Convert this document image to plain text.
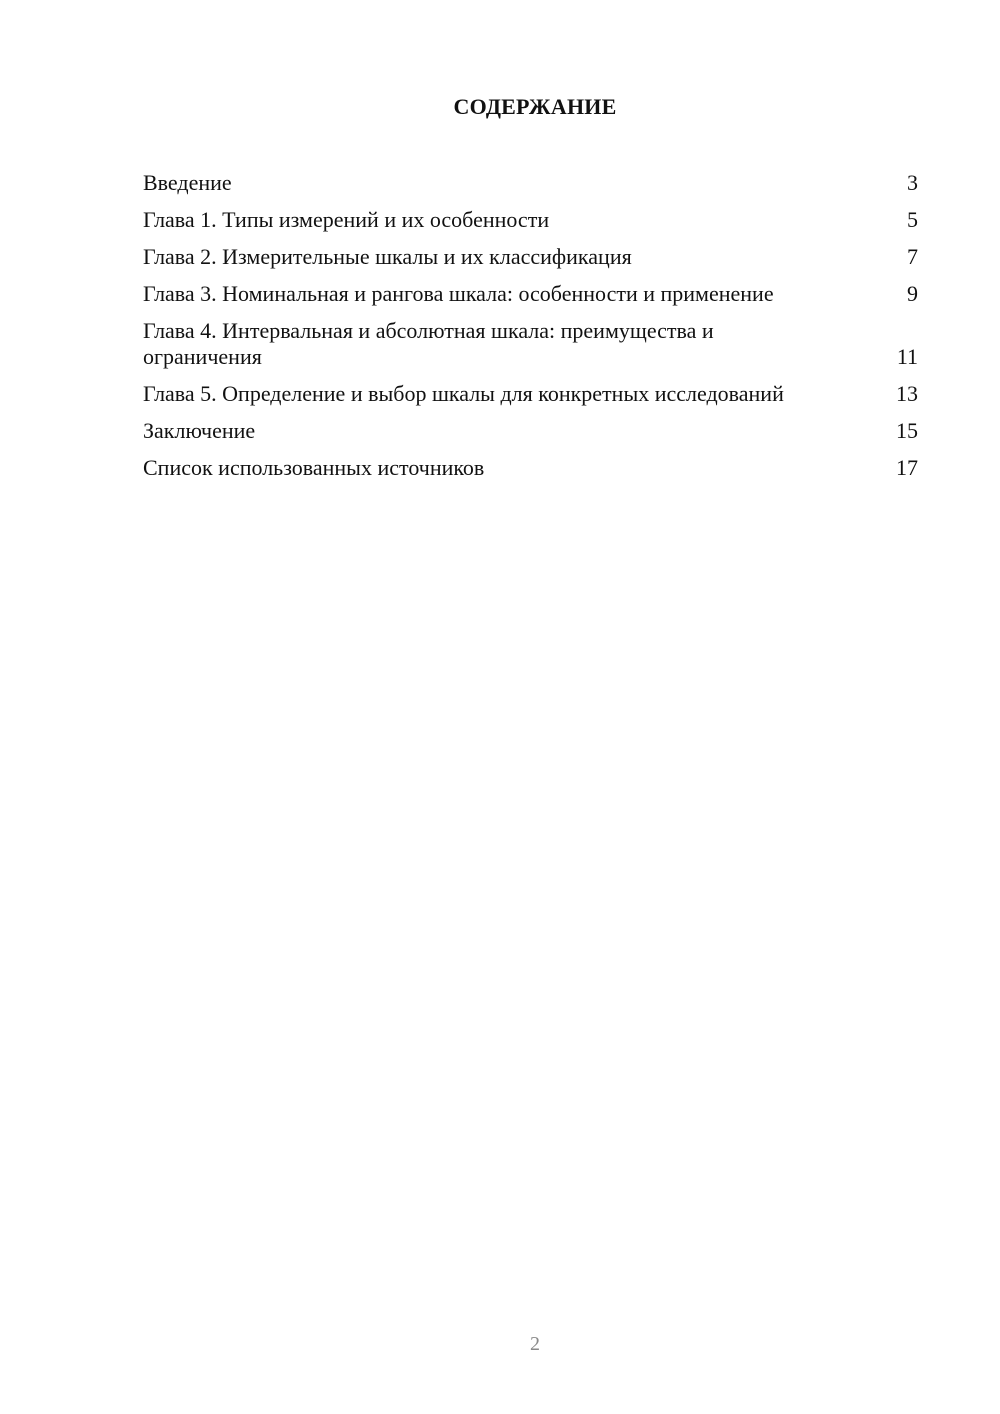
СОДЕРЖАНИЕ
Введение	3
Глава 1. Типы измерений и их особенности	5
Глава 2. Измерительные шкалы и их классификация	7
Глава 3. Номинальная и рангова шкала: особенности и применение	9
Глава 4. Интервальная и абсолютная шкала: преимущества и ограничения	11
Глава 5. Определение и выбор шкалы для конкретных исследований	13
Заключение	15
Список использованных источников	17
2
